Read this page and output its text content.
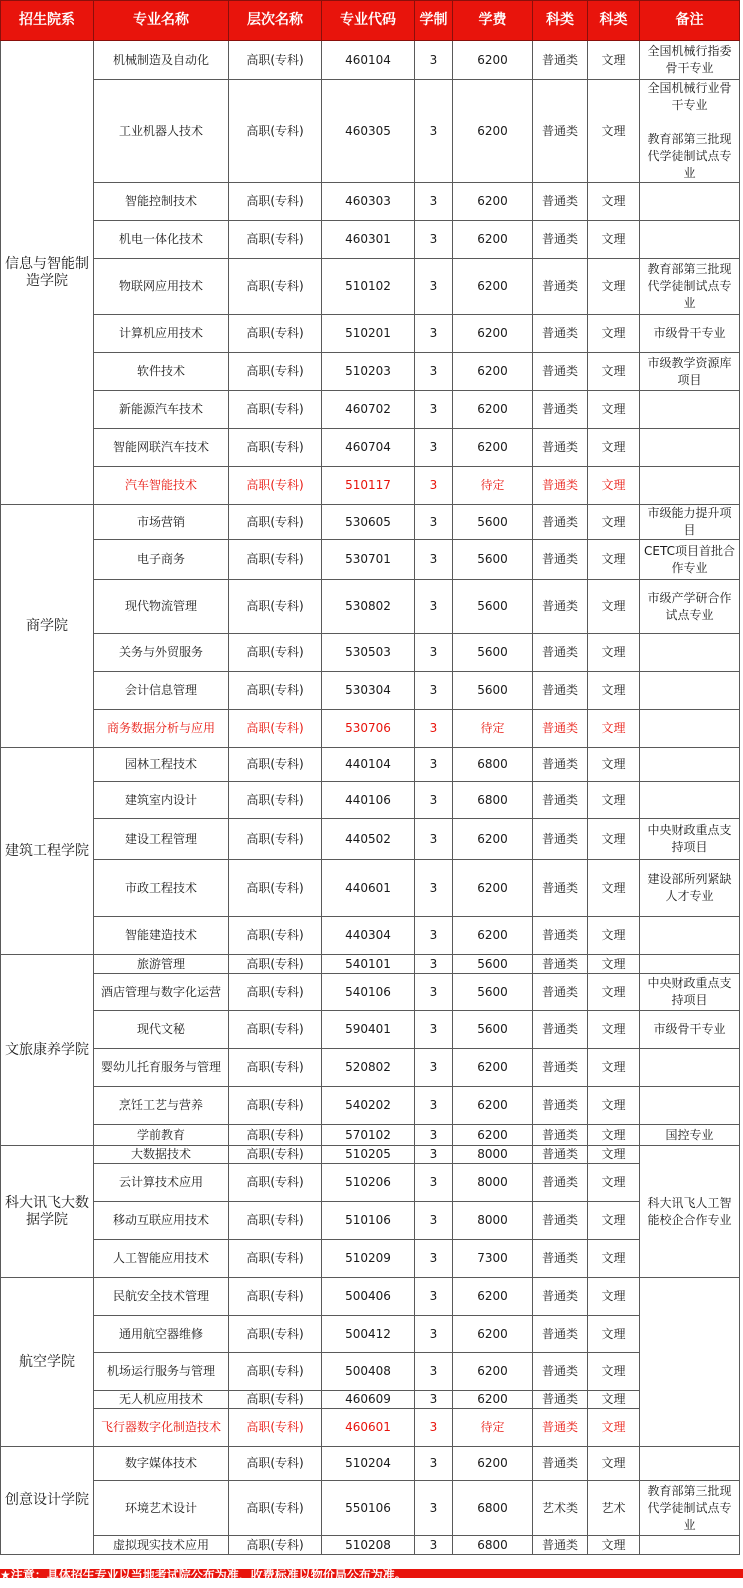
招生院系	专业名称	层次名称	专业代码	学制	学费	科类	科类	备注
信息与智能制造学院	机械制造及自动化	高职(专科)	460104	3	6200	普通类	文理	全国机械行指委骨干专业
	工业机器人技术	高职(专科)	460305	3	6200	普通类	文理	全国机械行业骨干专业

教育部第三批现代学徒制试点专业
	智能控制技术	高职(专科)	460303	3	6200	普通类	文理	
	机电一体化技术	高职(专科)	460301	3	6200	普通类	文理	
	物联网应用技术	高职(专科)	510102	3	6200	普通类	文理	教育部第三批现代学徒制试点专业
	计算机应用技术	高职(专科)	510201	3	6200	普通类	文理	市级骨干专业
	软件技术	高职(专科)	510203	3	6200	普通类	文理	市级教学资源库项目
	新能源汽车技术	高职(专科)	460702	3	6200	普通类	文理	
	智能网联汽车技术	高职(专科)	460704	3	6200	普通类	文理	
	汽车智能技术	高职(专科)	510117	3	待定	普通类	文理	
商学院	市场营销	高职(专科)	530605	3	5600	普通类	文理	市级能力提升项目
	电子商务	高职(专科)	530701	3	5600	普通类	文理	CETC项目首批合作专业
	现代物流管理	高职(专科)	530802	3	5600	普通类	文理	市级产学研合作试点专业
	关务与外贸服务	高职(专科)	530503	3	5600	普通类	文理	
	会计信息管理	高职(专科)	530304	3	5600	普通类	文理	
	商务数据分析与应用	高职(专科)	530706	3	待定	普通类	文理	
建筑工程学院	园林工程技术	高职(专科)	440104	3	6800	普通类	文理	
	建筑室内设计	高职(专科)	440106	3	6800	普通类	文理	
	建设工程管理	高职(专科)	440502	3	6200	普通类	文理	中央财政重点支持项目
	市政工程技术	高职(专科)	440601	3	6200	普通类	文理	建设部所列紧缺人才专业
	智能建造技术	高职(专科)	440304	3	6200	普通类	文理	
文旅康养学院	旅游管理	高职(专科)	540101	3	5600	普通类	文理	
	酒店管理与数字化运营	高职(专科)	540106	3	5600	普通类	文理	中央财政重点支持项目
	现代文秘	高职(专科)	590401	3	5600	普通类	文理	市级骨干专业
	婴幼儿托育服务与管理	高职(专科)	520802	3	6200	普通类	文理	
	烹饪工艺与营养	高职(专科)	540202	3	6200	普通类	文理	
	学前教育	高职(专科)	570102	3	6200	普通类	文理	国控专业
科大讯飞大数据学院	大数据技术	高职(专科)	510205	3	8000	普通类	文理	科大讯飞人工智能校企合作专业
	云计算技术应用	高职(专科)	510206	3	8000	普通类	文理	
	移动互联应用技术	高职(专科)	510106	3	8000	普通类	文理	
	人工智能应用技术	高职(专科)	510209	3	7300	普通类	文理	
航空学院	民航安全技术管理	高职(专科)	500406	3	6200	普通类	文理	
	通用航空器维修	高职(专科)	500412	3	6200	普通类	文理	
	机场运行服务与管理	高职(专科)	500408	3	6200	普通类	文理	
	无人机应用技术	高职(专科)	460609	3	6200	普通类	文理	
	飞行器数字化制造技术	高职(专科)	460601	3	待定	普通类	文理	
创意设计学院	数字媒体技术	高职(专科)	510204	3	6200	普通类	文理	
	环境艺术设计	高职(专科)	550106	3	6800	艺术类	艺术	教育部第三批现代学徒制试点专业
	虚拟现实技术应用	高职(专科)	510208	3	6800	普通类	文理	
★注意：具体招生专业以当地考试院公布为准，收费标准以物价局公布为准。
